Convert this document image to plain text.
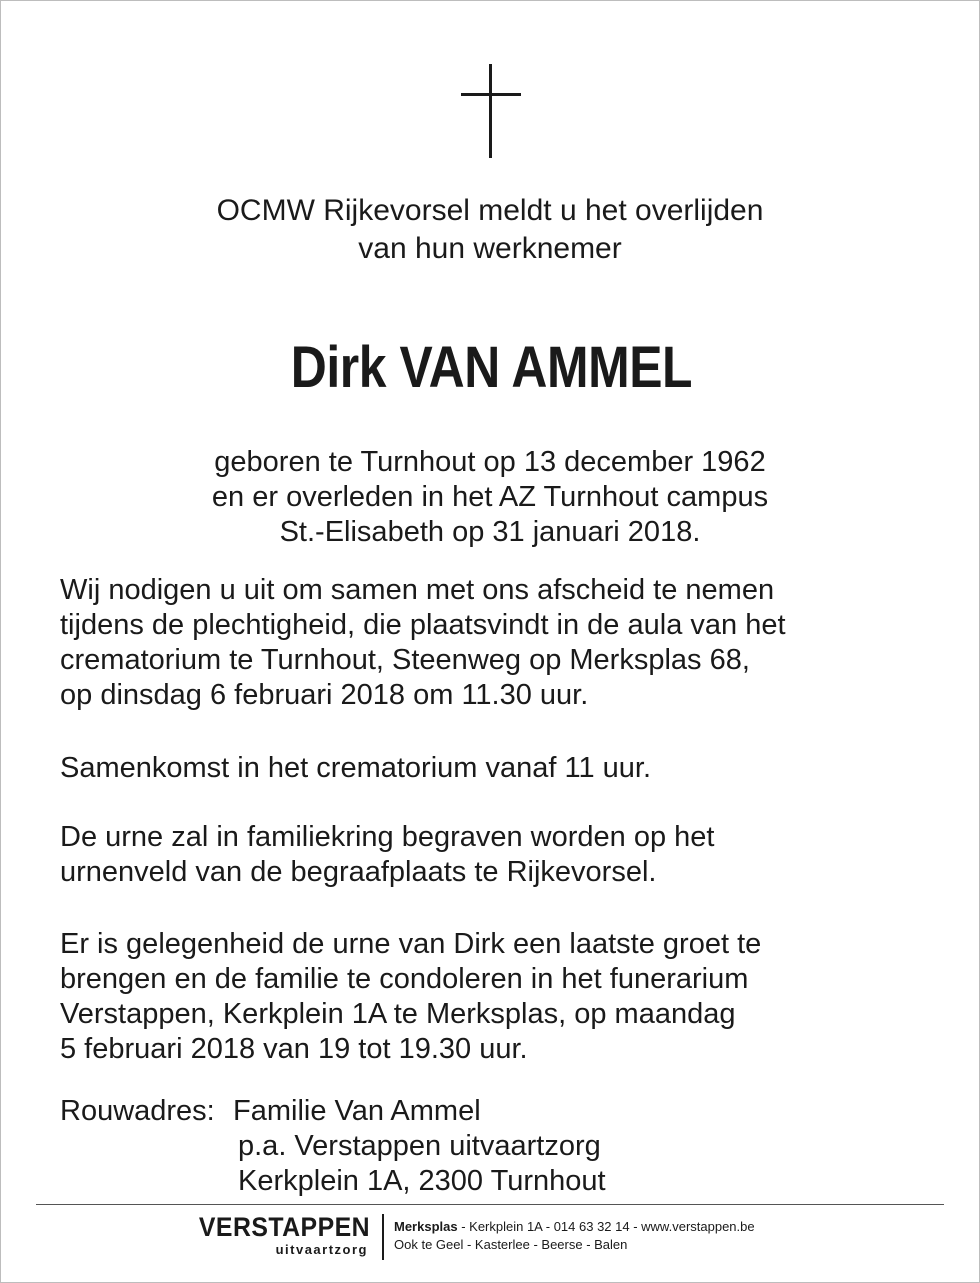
OCMW Rijkevorsel meldt u het overlijden
van hun werknemer
Dirk VAN AMMEL
geboren te Turnhout op 13 december 1962
en er overleden in het AZ Turnhout campus
St.-Elisabeth op 31 januari 2018.
Wij nodigen u uit om samen met ons afscheid te nemen
tijdens de plechtigheid, die plaatsvindt in de aula van het
crematorium te Turnhout, Steenweg op Merksplas 68,
op dinsdag 6 februari 2018 om 11.30 uur.
Samenkomst in het crematorium vanaf 11 uur.
De urne zal in familiekring begraven worden op het
urnenveld van de begraafplaats te Rijkevorsel.
Er is gelegenheid de urne van Dirk een laatste groet te
brengen en de familie te condoleren in het funerarium
Verstappen, Kerkplein 1A te Merksplas, op maandag
5 februari 2018 van 19 tot 19.30 uur.
Rouwadres: Familie Van Ammel
p.a. Verstappen uitvaartzorg
Kerkplein 1A, 2300 Turnhout
VERSTAPPEN
uitvaartzorg
Merksplas - Kerkplein 1A - 014 63 32 14 - www.verstappen.be
Ook te Geel - Kasterlee - Beerse - Balen
